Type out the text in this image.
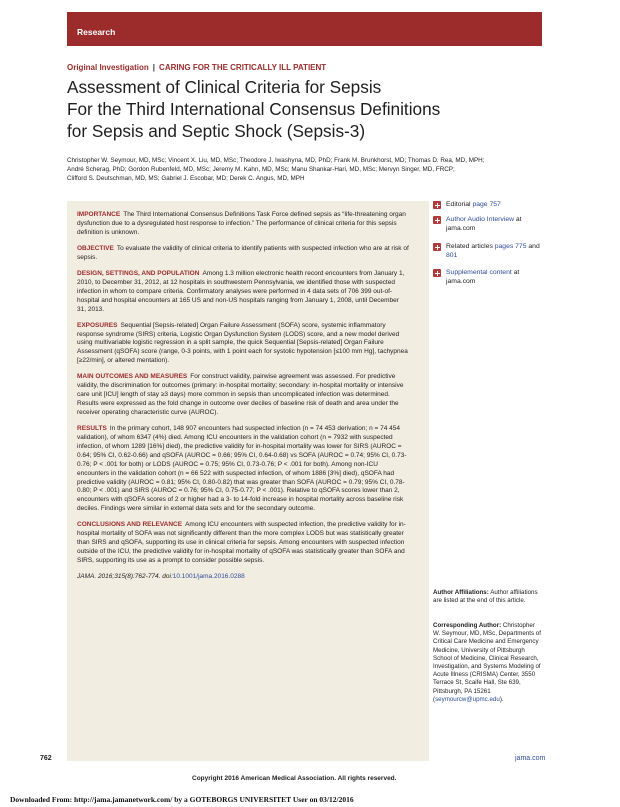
Research
Original Investigation | CARING FOR THE CRITICALLY ILL PATIENT
Assessment of Clinical Criteria for Sepsis
For the Third International Consensus Definitions
for Sepsis and Septic Shock (Sepsis-3)
Christopher W. Seymour, MD, MSc; Vincent X. Liu, MD, MSc; Theodore J. Iwashyna, MD, PhD; Frank M. Brunkhorst, MD; Thomas D. Rea, MD, MPH;
André Scherag, PhD; Gordon Rubenfeld, MD, MSc; Jeremy M. Kahn, MD, MSc; Manu Shankar-Hari, MD, MSc; Mervyn Singer, MD, FRCP;
Clifford S. Deutschman, MD, MS; Gabriel J. Escobar, MD; Derek C. Angus, MD, MPH

IMPORTANCE The Third International Consensus Definitions Task Force defined sepsis as “life-threatening organ dysfunction due to a dysregulated host response to infection.” The performance of clinical criteria for this sepsis definition is unknown.

OBJECTIVE To evaluate the validity of clinical criteria to identify patients with suspected infection who are at risk of sepsis.

DESIGN, SETTINGS, AND POPULATION Among 1.3 million electronic health record encounters from January 1, 2010, to December 31, 2012, at 12 hospitals in southwestern Pennsylvania, we identified those with suspected infection in whom to compare criteria. Confirmatory analyses were performed in 4 data sets of 706 399 out-of-hospital and hospital encounters at 165 US and non-US hospitals ranging from January 1, 2008, until December 31, 2013.

EXPOSURES Sequential [Sepsis-related] Organ Failure Assessment (SOFA) score, systemic inflammatory response syndrome (SIRS) criteria, Logistic Organ Dysfunction System (LODS) score, and a new model derived using multivariable logistic regression in a split sample, the quick Sequential [Sepsis-related] Organ Failure Assessment (qSOFA) score (range, 0-3 points, with 1 point each for systolic hypotension [≤100 mm Hg], tachypnea [≥22/min], or altered mentation).

MAIN OUTCOMES AND MEASURES For construct validity, pairwise agreement was assessed. For predictive validity, the discrimination for outcomes (primary: in-hospital mortality; secondary: in-hospital mortality or intensive care unit [ICU] length of stay ≥3 days) more common in sepsis than uncomplicated infection was determined. Results were expressed as the fold change in outcome over deciles of baseline risk of death and area under the receiver operating characteristic curve (AUROC).

RESULTS In the primary cohort, 148 907 encounters had suspected infection (n = 74 453 derivation; n = 74 454 validation), of whom 6347 (4%) died. Among ICU encounters in the validation cohort (n = 7932 with suspected infection, of whom 1289 [16%] died), the predictive validity for in-hospital mortality was lower for SIRS (AUROC = 0.64; 95% CI, 0.62-0.66) and qSOFA (AUROC = 0.66; 95% CI, 0.64-0.68) vs SOFA (AUROC = 0.74; 95% CI, 0.73-0.76; P < .001 for both) or LODS (AUROC = 0.75; 95% CI, 0.73-0.76; P < .001 for both). Among non-ICU encounters in the validation cohort (n = 66 522 with suspected infection, of whom 1886 [3%] died), qSOFA had predictive validity (AUROC = 0.81; 95% CI, 0.80-0.82) that was greater than SOFA (AUROC = 0.79; 95% CI, 0.78-0.80; P < .001) and SIRS (AUROC = 0.76; 95% CI, 0.75-0.77; P < .001). Relative to qSOFA scores lower than 2, encounters with qSOFA scores of 2 or higher had a 3- to 14-fold increase in hospital mortality across baseline risk deciles. Findings were similar in external data sets and for the secondary outcome.

CONCLUSIONS AND RELEVANCE Among ICU encounters with suspected infection, the predictive validity for in-hospital mortality of SOFA was not significantly different than the more complex LODS but was statistically greater than SIRS and qSOFA, supporting its use in clinical criteria for sepsis. Among encounters with suspected infection outside of the ICU, the predictive validity for in-hospital mortality of qSOFA was statistically greater than SOFA and SIRS, supporting its use as a prompt to consider possible sepsis.

JAMA. 2016;315(8):762-774. doi:10.1001/jama.2016.0288

Editorial page 757
Author Audio Interview at
jama.com
Related articles pages 775 and
801
Supplemental content at
jama.com
Author Affiliations: Author affiliations are listed at the end of this article.
Corresponding Author: Christopher W. Seymour, MD, MSc, Departments of Critical Care Medicine and Emergency Medicine, University of Pittsburgh School of Medicine, Clinical Research, Investigation, and Systems Modeling of Acute Illness (CRISMA) Center, 3550 Terrace St, Scaife Hall, Ste 639, Pittsburgh, PA 15261 (seymourcw@upmc.edu).
762	jama.com
Copyright 2016 American Medical Association. All rights reserved.
Downloaded From: http://jama.jamanetwork.com/ by a GOTEBORGS UNIVERSITET User on 03/12/2016
